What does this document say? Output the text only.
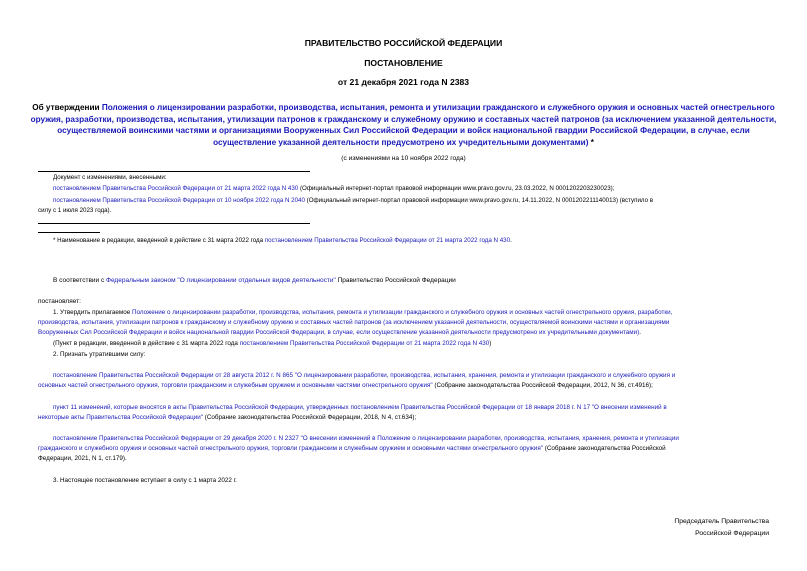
ПРАВИТЕЛЬСТВО РОССИЙСКОЙ ФЕДЕРАЦИИ
ПОСТАНОВЛЕНИЕ
от 21 декабря 2021 года N 2383
Об утверждении Положения о лицензировании разработки, производства, испытания, ремонта и утилизации гражданского и служебного оружия и основных частей огнестрельного оружия, разработки, производства, испытания, утилизации патронов к гражданскому и служебному оружию и составных частей патронов (за исключением указанной деятельности, осуществляемой воинскими частями и организациями Вооруженных Сил Российской Федерации и войск национальной гвардии Российской Федерации, в случае, если осуществление указанной деятельности предусмотрено их учредительными документами) *
(с изменениями на 10 ноября 2022 года)
Документ с изменениями, внесенными:
постановлением Правительства Российской Федерации от 21 марта 2022 года N 430 (Официальный интернет-портал правовой информации www.pravo.gov.ru, 23.03.2022, N 0001202203230023);
постановлением Правительства Российской Федерации от 10 ноября 2022 года N 2040 (Официальный интернет-портал правовой информации www.pravo.gov.ru, 14.11.2022, N 0001202211140013) (вступило в
силу с 1 июля 2023 года).
* Наименование в редакции, введенной в действие с 31 марта 2022 года постановлением Правительства Российской Федерации от 21 марта 2022 года N 430.
В соответствии с Федеральным законом "О лицензировании отдельных видов деятельности" Правительство Российской Федерации
постановляет:
1. Утвердить прилагаемое Положение о лицензировании разработки, производства, испытания, ремонта и утилизации гражданского и служебного оружия и основных частей огнестрельного оружия, разработки,
производства, испытания, утилизации патронов к гражданскому и служебному оружию и составных частей патронов (за исключением указанной деятельности, осуществляемой воинскими частями и организациями
Вооруженных Сил Российской Федерации и войск национальной гвардии Российской Федерации, в случае, если осуществление указанной деятельности предусмотрено их учредительными документами).
(Пункт в редакции, введенной в действие с 31 марта 2022 года постановлением Правительства Российской Федерации от 21 марта 2022 года N 430)
2. Признать утратившими силу:
постановление Правительства Российской Федерации от 28 августа 2012 г. N 865 "О лицензировании разработки, производства, испытания, хранения, ремонта и утилизации гражданского и служебного оружия и
основных частей огнестрельного оружия, торговли гражданским и служебным оружием и основными частями огнестрельного оружия" (Собрание законодательства Российской Федерации, 2012, N 36, ст.4916);
пункт 11 изменений, которые вносятся в акты Правительства Российской Федерации, утвержденных постановлением Правительства Российской Федерации от 18 января 2018 г. N 17 "О внесении изменений в
некоторые акты Правительства Российской Федерации" (Собрание законодательства Российской Федерации, 2018, N 4, ст.634);
постановление Правительства Российской Федерации от 29 декабря 2020 г. N 2327 "О внесении изменений в Положение о лицензировании разработки, производства, испытания, хранения, ремонта и утилизации
гражданского и служебного оружия и основных частей огнестрельного оружия, торговли гражданским и служебным оружием и основными частями огнестрельного оружия" (Собрание законодательства Российской
Федерации, 2021, N 1, ст.179).
3. Настоящее постановление вступает в силу с 1 марта 2022 г.
Председатель Правительства
Российской Федерации
